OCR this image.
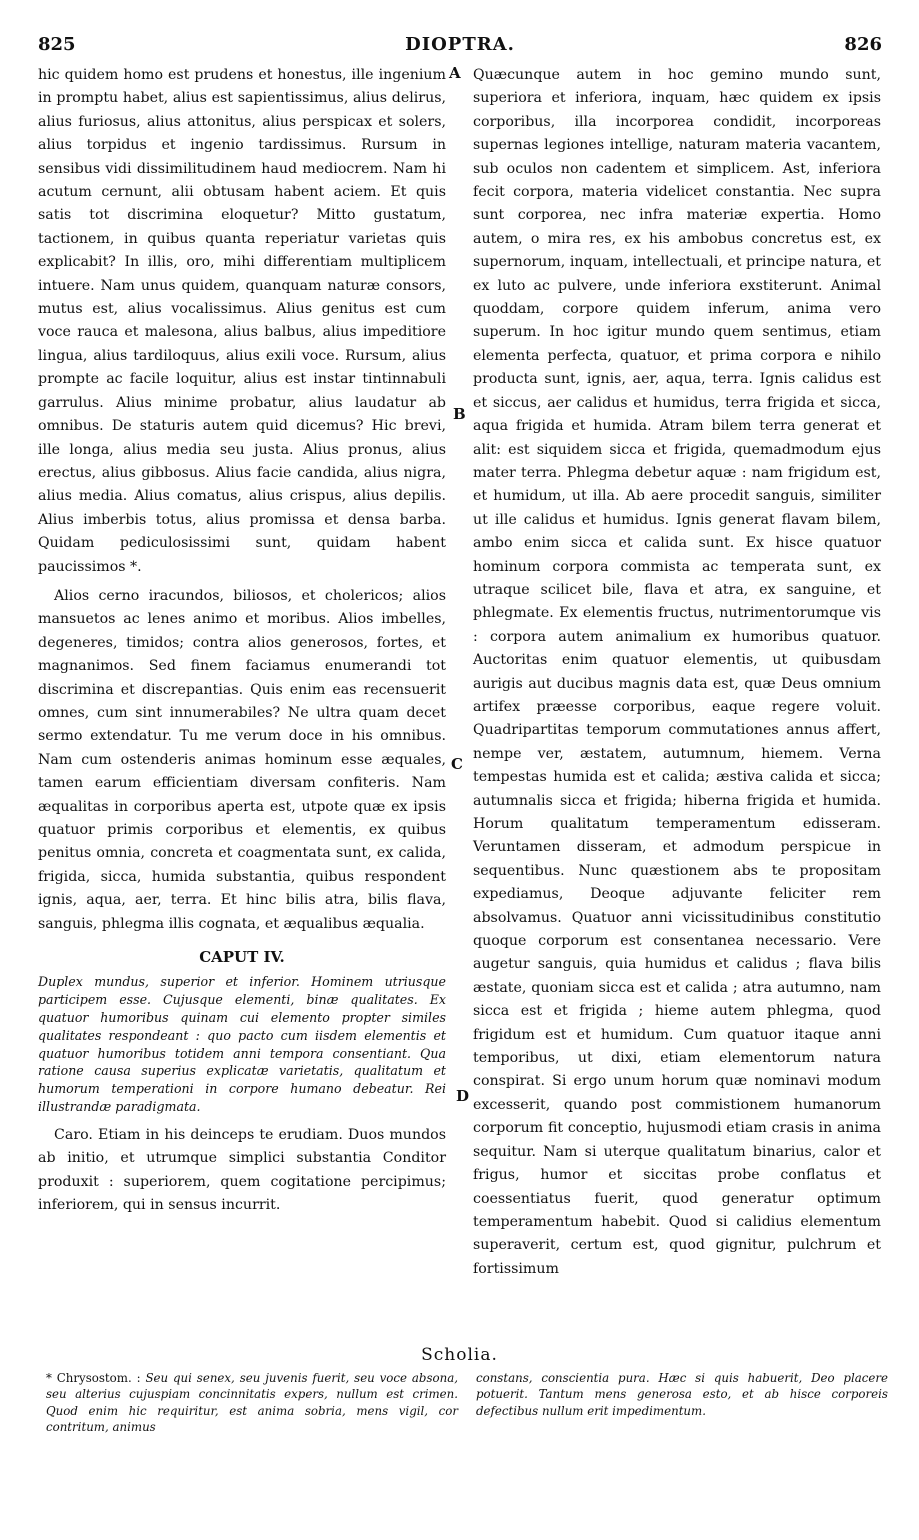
825	DIOPTRA.	826

hic quidem homo est prudens et honestus, ille ingenium in promptu habet, alius est sapientissimus, alius delirus, alius furiosus, alius attonitus, alius perspicax et solers, alius torpidus et ingenio tardissimus. Rursum in sensibus vidi dissimilitudinem haud mediocrem. Nam hi acutum cernunt, alii obtusam habent aciem. Et quis satis tot discrimina eloquetur? Mitto gustatum, tactionem, in quibus quanta reperiatur varietas quis explicabit? In illis, oro, mihi differentiam multiplicem intuere. Nam unus quidem, quanquam naturæ consors, mutus est, alius vocalissimus. Alius genitus est cum voce rauca et malesona, alius balbus, alius impeditiore lingua, alius tardiloquus, alius exili voce. Rursum, alius prompte ac facile loquitur, alius est instar tintinnabuli garrulus. Alius minime probatur, alius laudatur ab omnibus. De staturis autem quid dicemus? Hic brevi, ille longa, alius media seu justa. Alius pronus, alius erectus, alius gibbosus. Alius facie candida, alius nigra, alius media. Alius comatus, alius crispus, alius depilis. Alius imberbis totus, alius promissa et densa barba. Quidam pediculosissimi sunt, quidam habent paucissimos *.

Alios cerno iracundos, biliosos, et cholericos; alios mansuetos ac lenes animo et moribus. Alios imbelles, degeneres, timidos; contra alios generosos, fortes, et magnanimos. Sed finem faciamus enumerandi tot discrimina et discrepantias. Quis enim eas recensuerit omnes, cum sint innumerabiles? Ne ultra quam decet sermo extendatur. Tu me verum doce in his omnibus. Nam cum ostenderis animas hominum esse æquales, tamen earum efficientiam diversam confiteris. Nam æqualitas in corporibus aperta est, utpote quæ ex ipsis quatuor primis corporibus et elementis, ex quibus penitus omnia, concreta et coagmentata sunt, ex calida, frigida, sicca, humida substantia, quibus respondent ignis, aqua, aer, terra. Et hinc bilis atra, bilis flava, sanguis, phlegma illis cognata, et æqualibus æqualia.

CAPUT IV.
Duplex mundus, superior et inferior. Hominem utriusque participem esse. Cujusque elementi, binæ qualitates. Ex quatuor humoribus quinam cui elemento propter similes qualitates respondeant : quo pacto cum iisdem elementis et quatuor humoribus totidem anni tempora consentiant. Qua ratione causa superius explicatæ varietatis, qualitatum et humorum temperationi in corpore humano debeatur. Rei illustrandæ paradigmata.

Caro. Etiam in his deinceps te erudiam. Duos mundos ab initio, et utrumque simplici substantia Conditor produxit : superiorem, quem cogitatione percipimus; inferiorem, qui in sensus incurrit.

Quæcunque autem in hoc gemino mundo sunt, superiora et inferiora, inquam, hæc quidem ex ipsis corporibus, illa incorporea condidit, incorporeas supernas legiones intellige, naturam materia vacantem, sub oculos non cadentem et simplicem. Ast, inferiora fecit corpora, materia videlicet constantia. Nec supra sunt corporea, nec infra materiæ expertia. Homo autem, o mira res, ex his ambobus concretus est, ex supernorum, inquam, intellectuali, et principe natura, et ex luto ac pulvere, unde inferiora exstiterunt. Animal quoddam, corpore quidem inferum, anima vero superum. In hoc igitur mundo quem sentimus, etiam elementa perfecta, quatuor, et prima corpora e nihilo producta sunt, ignis, aer, aqua, terra. Ignis calidus est et siccus, aer calidus et humidus, terra frigida et sicca, aqua frigida et humida. Atram bilem terra generat et alit: est siquidem sicca et frigida, quemadmodum ejus mater terra. Phlegma debetur aquæ : nam frigidum est, et humidum, ut illa. Ab aere procedit sanguis, similiter ut ille calidus et humidus. Ignis generat flavam bilem, ambo enim sicca et calida sunt. Ex hisce quatuor hominum corpora commista ac temperata sunt, ex utraque scilicet bile, flava et atra, ex sanguine, et phlegmate. Ex elementis fructus, nutrimentorumque vis : corpora autem animalium ex humoribus quatuor. Auctoritas enim quatuor elementis, ut quibusdam aurigis aut ducibus magnis data est, quæ Deus omnium artifex præesse corporibus, eaque regere voluit. Quadripartitas temporum commutationes annus affert, nempe ver, æstatem, autumnum, hiemem. Verna tempestas humida est et calida; æstiva calida et sicca; autumnalis sicca et frigida; hiberna frigida et humida. Horum qualitatum temperamentum edisseram. Veruntamen disseram, et admodum perspicue in sequentibus. Nunc quæstionem abs te propositam expediamus, Deoque adjuvante feliciter rem absolvamus. Quatuor anni vicissitudinibus constitutio quoque corporum est consentanea necessario. Vere augetur sanguis, quia humidus et calidus ; flava bilis æstate, quoniam sicca est et calida ; atra autumno, nam sicca est et frigida ; hieme autem phlegma, quod frigidum est et humidum. Cum quatuor itaque anni temporibus, ut dixi, etiam elementorum natura conspirat. Si ergo unum horum quæ nominavi modum excesserit, quando post commistionem humanorum corporum fit conceptio, hujusmodi etiam crasis in anima sequitur. Nam si uterque qualitatum binarius, calor et frigus, humor et siccitas probe conflatus et coessentiatus fuerit, quod generatur optimum temperamentum habebit. Quod si calidius elementum superaverit, certum est, quod gignitur, pulchrum et fortissimum

A
B
C
D
Scholia.
* Chrysostom. : Seu qui senex, seu juvenis fuerit, seu voce absona, seu alterius cujuspiam concinnitatis expers, nullum est crimen. Quod enim hic requiritur, est anima sobria, mens vigil, cor contritum, animus
constans, conscientia pura. Hæc si quis habuerit, Deo placere potuerit. Tantum mens generosa esto, et ab hisce corporeis defectibus nullum erit impedimentum.
